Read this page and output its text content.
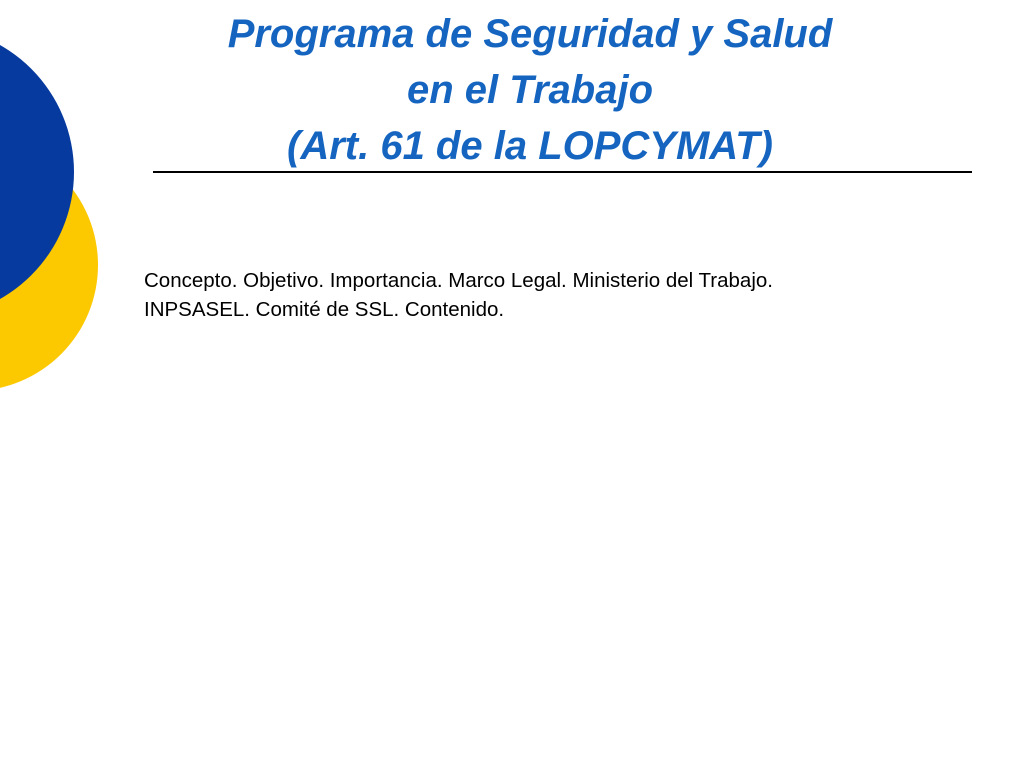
Programa de Seguridad y Salud
en el Trabajo
(Art. 61 de la LOPCYMAT)

Concepto. Objetivo. Importancia. Marco Legal. Ministerio del Trabajo.
INPSASEL. Comité de SSL. Contenido.
